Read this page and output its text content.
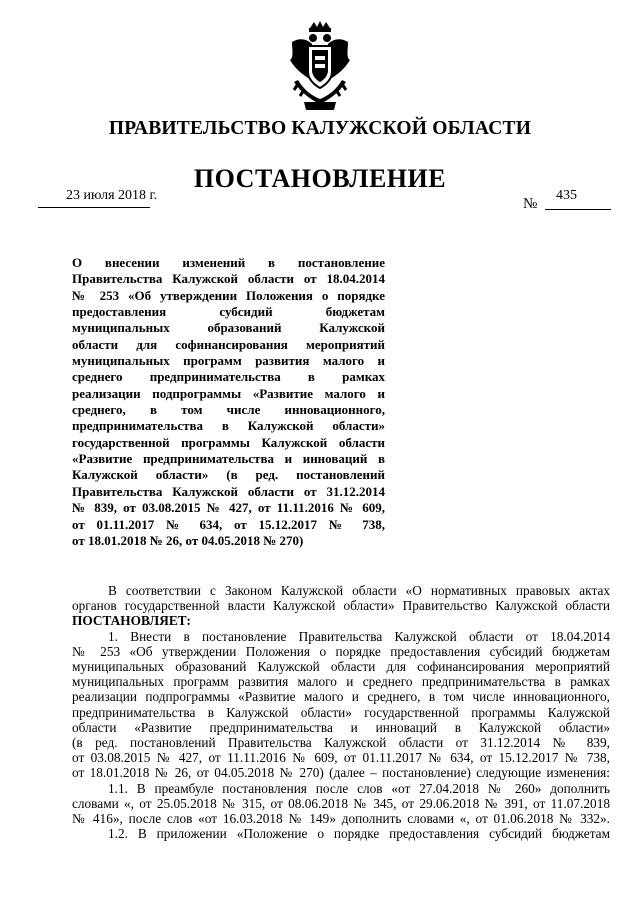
ПРАВИТЕЛЬСТВО КАЛУЖСКОЙ ОБЛАСТИ
ПОСТАНОВЛЕНИЕ
23 июля 2018 г.
№
435
О внесении изменений в постановление
Правительства Калужской области от 18.04.2014
№ 253 «Об утверждении Положения о порядке
предоставления субсидий бюджетам
муниципальных образований Калужской
области для софинансирования мероприятий
муниципальных программ развития малого и
среднего предпринимательства в рамках
реализации подпрограммы «Развитие малого и
среднего, в том числе инновационного,
предпринимательства в Калужской области»
государственной программы Калужской области
«Развитие предпринимательства и инноваций в
Калужской области» (в ред. постановлений
Правительства Калужской области от 31.12.2014
№ 839, от 03.08.2015 № 427, от 11.11.2016 № 609,
от 01.11.2017 № 634, от 15.12.2017 № 738,
от 18.01.2018 № 26, от 04.05.2018 № 270)
В соответствии с Законом Калужской области «О нормативных правовых актах
органов государственной власти Калужской области» Правительство Калужской области
ПОСТАНОВЛЯЕТ:
1. Внести в постановление Правительства Калужской области от 18.04.2014
№ 253 «Об утверждении Положения о порядке предоставления субсидий бюджетам
муниципальных образований Калужской области для софинансирования мероприятий
муниципальных программ развития малого и среднего предпринимательства в рамках
реализации подпрограммы «Развитие малого и среднего, в том числе инновационного,
предпринимательства в Калужской области» государственной программы Калужской
области «Развитие предпринимательства и инноваций в Калужской области»
(в ред. постановлений Правительства Калужской области от 31.12.2014 № 839,
от 03.08.2015 № 427, от 11.11.2016 № 609, от 01.11.2017 № 634, от 15.12.2017 № 738,
от 18.01.2018 № 26, от 04.05.2018 № 270) (далее – постановление) следующие изменения:
1.1. В преамбуле постановления после слов «от 27.04.2018 № 260» дополнить
словами «, от 25.05.2018 № 315, от 08.06.2018 № 345, от 29.06.2018 № 391, от 11.07.2018
№ 416», после слов «от 16.03.2018 № 149» дополнить словами «, от 01.06.2018 № 332».
1.2. В приложении «Положение о порядке предоставления субсидий бюджетам
